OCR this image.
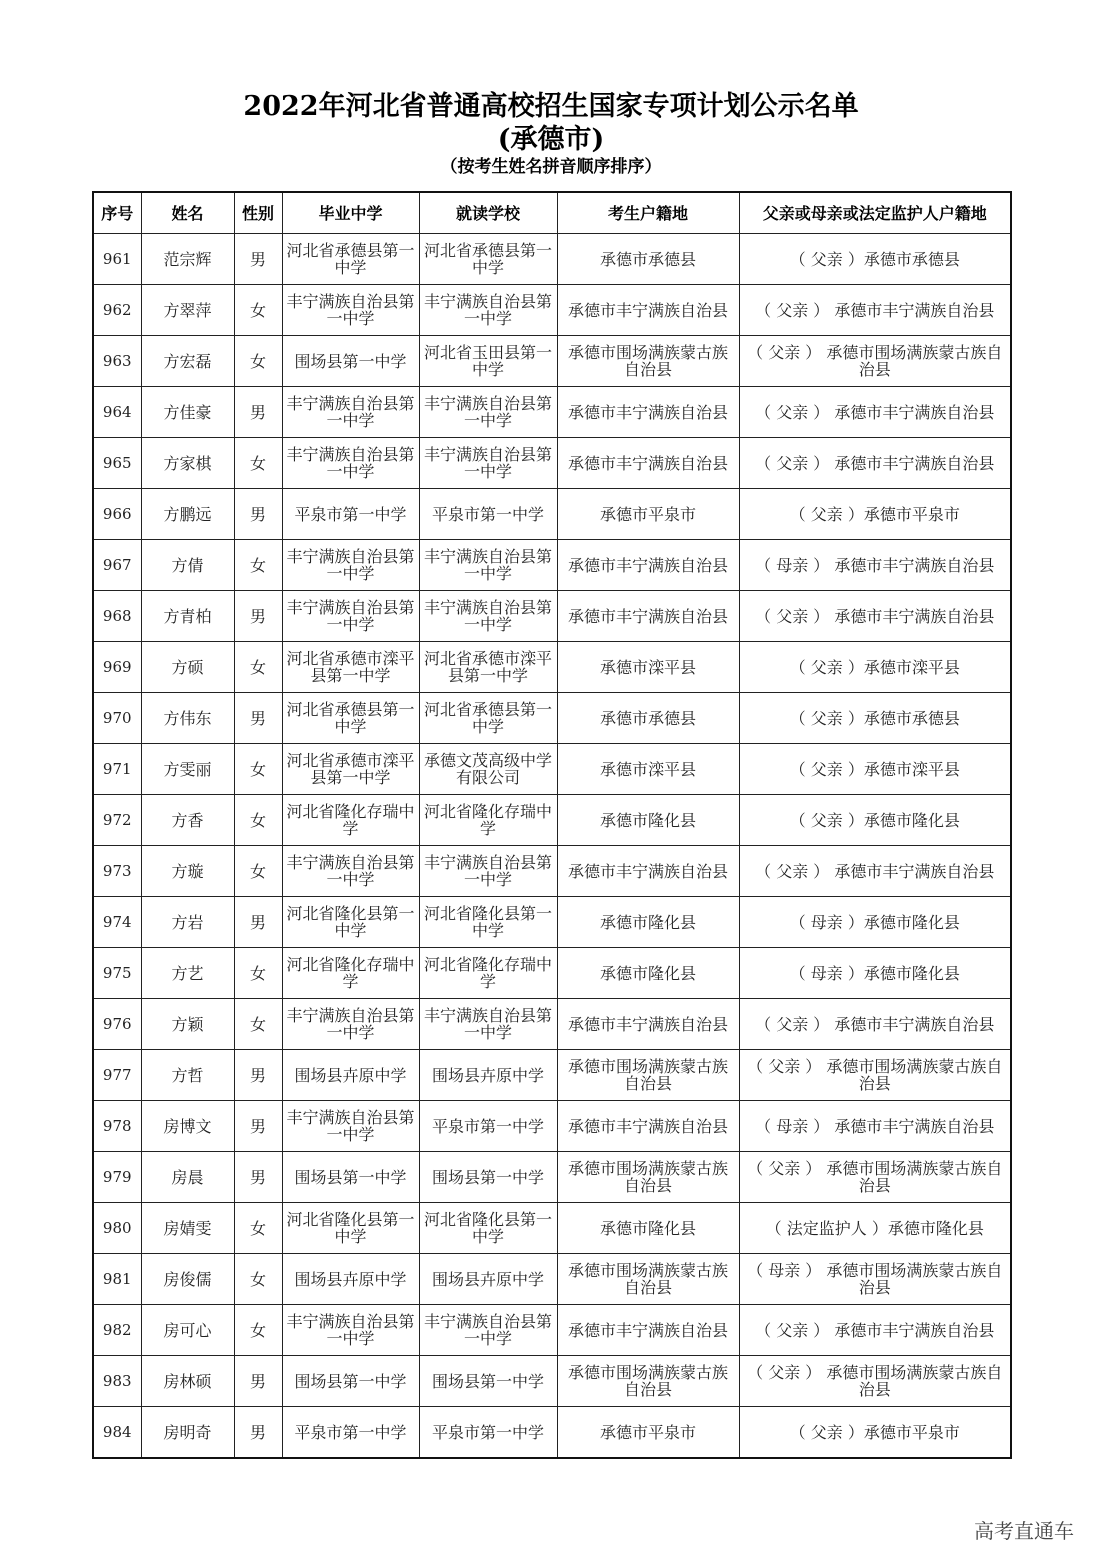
2022年河北省普通高校招生国家专项计划公示名单
(承德市)
（按考生姓名拼音顺序排序）
序号	姓名	性别	毕业中学	就读学校	考生户籍地	父亲或母亲或法定监护人户籍地
961	范宗辉	男	河北省承德县第一中学	河北省承德县第一中学	承德市承德县	（ 父亲 ）承德市承德县
962	方翠萍	女	丰宁满族自治县第一中学	丰宁满族自治县第一中学	承德市丰宁满族自治县	（ 父亲 ） 承德市丰宁满族自治县
963	方宏磊	女	围场县第一中学	河北省玉田县第一中学	承德市围场满族蒙古族自治县	（ 父亲 ） 承德市围场满族蒙古族自治县
964	方佳豪	男	丰宁满族自治县第一中学	丰宁满族自治县第一中学	承德市丰宁满族自治县	（ 父亲 ） 承德市丰宁满族自治县
965	方家棋	女	丰宁满族自治县第一中学	丰宁满族自治县第一中学	承德市丰宁满族自治县	（ 父亲 ） 承德市丰宁满族自治县
966	方鹏远	男	平泉市第一中学	平泉市第一中学	承德市平泉市	（ 父亲 ）承德市平泉市
967	方倩	女	丰宁满族自治县第一中学	丰宁满族自治县第一中学	承德市丰宁满族自治县	（ 母亲 ） 承德市丰宁满族自治县
968	方青柏	男	丰宁满族自治县第一中学	丰宁满族自治县第一中学	承德市丰宁满族自治县	（ 父亲 ） 承德市丰宁满族自治县
969	方硕	女	河北省承德市滦平县第一中学	河北省承德市滦平县第一中学	承德市滦平县	（ 父亲 ）承德市滦平县
970	方伟东	男	河北省承德县第一中学	河北省承德县第一中学	承德市承德县	（ 父亲 ）承德市承德县
971	方雯丽	女	河北省承德市滦平县第一中学	承德文茂高级中学有限公司	承德市滦平县	（ 父亲 ）承德市滦平县
972	方香	女	河北省隆化存瑞中学	河北省隆化存瑞中学	承德市隆化县	（ 父亲 ）承德市隆化县
973	方璇	女	丰宁满族自治县第一中学	丰宁满族自治县第一中学	承德市丰宁满族自治县	（ 父亲 ） 承德市丰宁满族自治县
974	方岩	男	河北省隆化县第一中学	河北省隆化县第一中学	承德市隆化县	（ 母亲 ）承德市隆化县
975	方艺	女	河北省隆化存瑞中学	河北省隆化存瑞中学	承德市隆化县	（ 母亲 ）承德市隆化县
976	方颖	女	丰宁满族自治县第一中学	丰宁满族自治县第一中学	承德市丰宁满族自治县	（ 父亲 ） 承德市丰宁满族自治县
977	方哲	男	围场县卉原中学	围场县卉原中学	承德市围场满族蒙古族自治县	（ 父亲 ） 承德市围场满族蒙古族自治县
978	房博文	男	丰宁满族自治县第一中学	平泉市第一中学	承德市丰宁满族自治县	（ 母亲 ） 承德市丰宁满族自治县
979	房晨	男	围场县第一中学	围场县第一中学	承德市围场满族蒙古族自治县	（ 父亲 ） 承德市围场满族蒙古族自治县
980	房婧雯	女	河北省隆化县第一中学	河北省隆化县第一中学	承德市隆化县	（ 法定监护人 ）承德市隆化县
981	房俊儒	女	围场县卉原中学	围场县卉原中学	承德市围场满族蒙古族自治县	（ 母亲 ） 承德市围场满族蒙古族自治县
982	房可心	女	丰宁满族自治县第一中学	丰宁满族自治县第一中学	承德市丰宁满族自治县	（ 父亲 ） 承德市丰宁满族自治县
983	房林硕	男	围场县第一中学	围场县第一中学	承德市围场满族蒙古族自治县	（ 父亲 ） 承德市围场满族蒙古族自治县
984	房明奇	男	平泉市第一中学	平泉市第一中学	承德市平泉市	（ 父亲 ）承德市平泉市
高考直通车
